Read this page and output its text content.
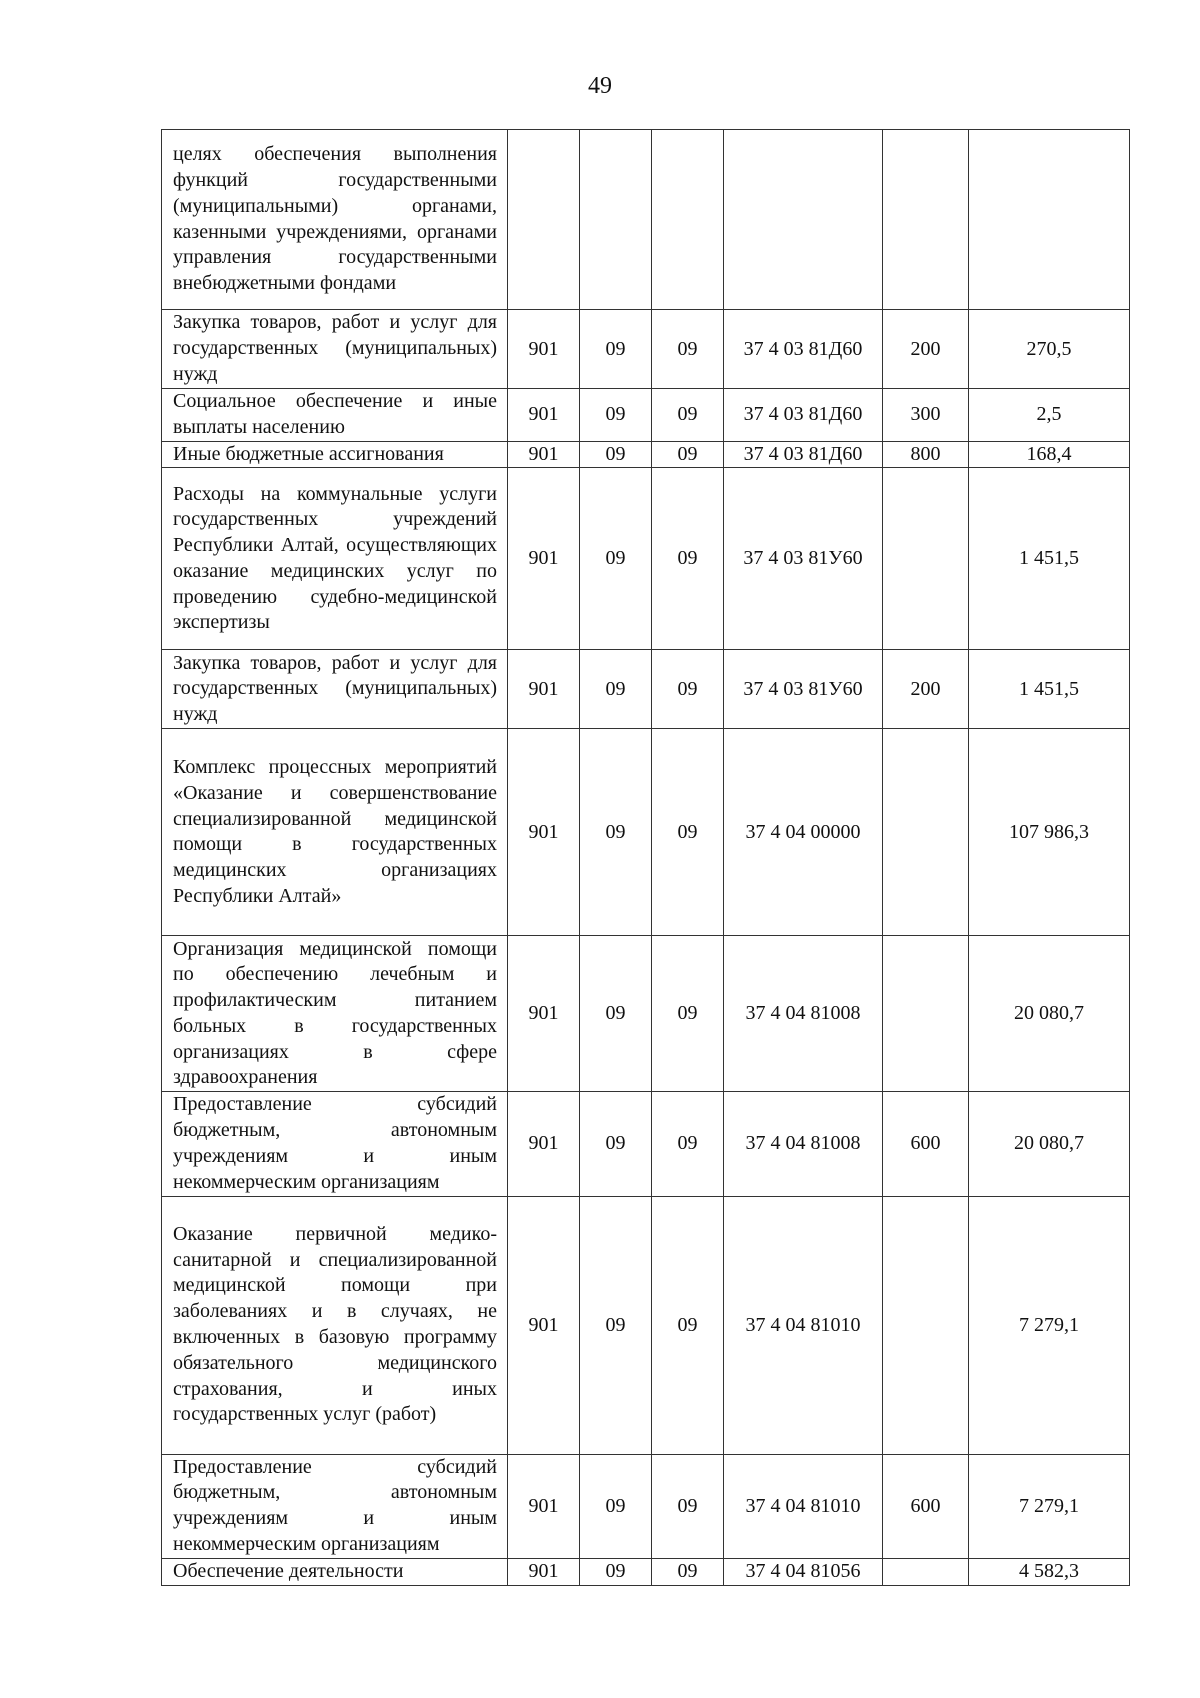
49
целях обеспечения выполнения функций государственными (муниципальными) органами, казенными учреждениями, органами управления государственными внебюджетными фондами						
Закупка товаров, работ и услуг для государственных (муниципальных) нужд	901	09	09	37 4 03 81Д60	200	270,5
Социальное обеспечение и иные выплаты населению	901	09	09	37 4 03 81Д60	300	2,5
Иные бюджетные ассигнования	901	09	09	37 4 03 81Д60	800	168,4
Расходы на коммунальные услуги государственных учреждений Республики Алтай, осуществляющих оказание медицинских услуг по проведению судебно-медицинской экспертизы	901	09	09	37 4 03 81У60		1 451,5
Закупка товаров, работ и услуг для государственных (муниципальных) нужд	901	09	09	37 4 03 81У60	200	1 451,5
Комплекс процессных мероприятий «Оказание и совершенствование специализированной медицинской помощи в государственных медицинских организациях Республики Алтай»	901	09	09	37 4 04 00000		107 986,3
Организация медицинской помощи по обеспечению лечебным и профилактическим питанием больных в государственных организациях в сфере здравоохранения	901	09	09	37 4 04 81008		20 080,7
Предоставление субсидий бюджетным, автономным учреждениям и иным некоммерческим организациям	901	09	09	37 4 04 81008	600	20 080,7
Оказание первичной медико-санитарной и специализированной медицинской помощи при заболеваниях и в случаях, не включенных в базовую программу обязательного медицинского страхования, и иных государственных услуг (работ)	901	09	09	37 4 04 81010		7 279,1
Предоставление субсидий бюджетным, автономным учреждениям и иным некоммерческим организациям	901	09	09	37 4 04 81010	600	7 279,1
Обеспечение деятельности	901	09	09	37 4 04 81056		4 582,3
